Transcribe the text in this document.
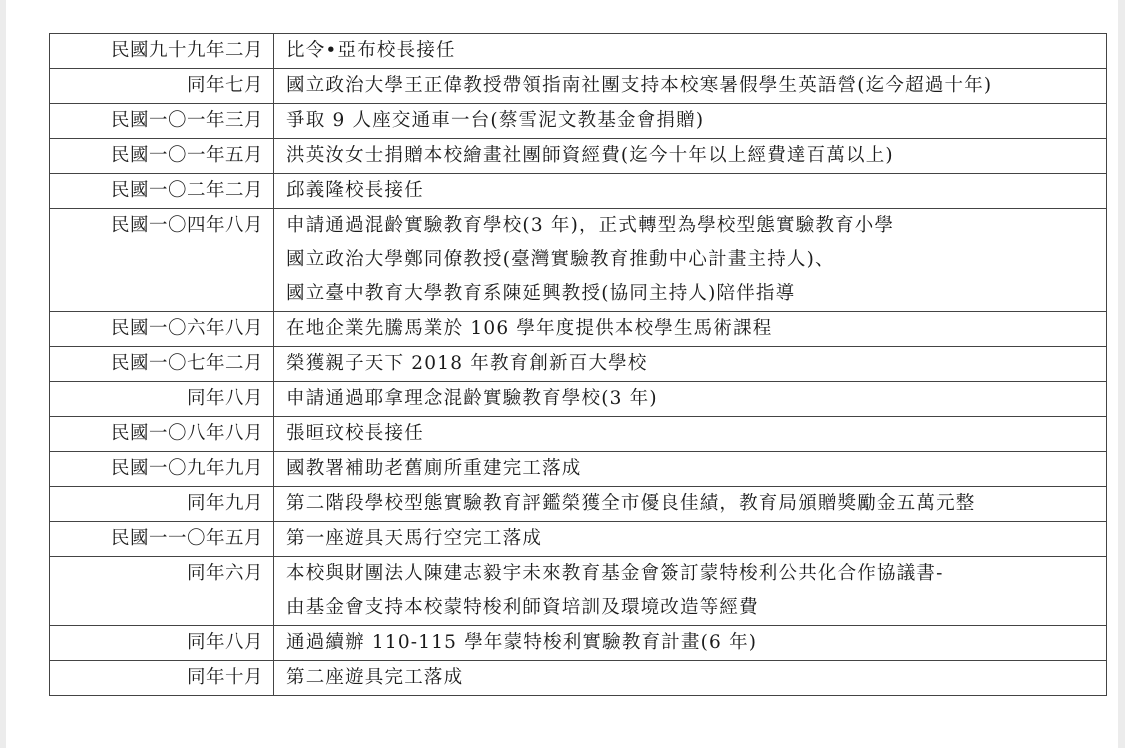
民國九十九年二月	比令•亞布校長接任

同年七月	國立政治大學王正偉教授帶領指南社團支持本校寒暑假學生英語營(迄今超過十年)

民國一〇一年三月	爭取 9 人座交通車一台(蔡雪泥文教基金會捐贈)

民國一〇一年五月	洪英汝女士捐贈本校繪畫社團師資經費(迄今十年以上經費達百萬以上)

民國一〇二年二月	邱義隆校長接任

民國一〇四年八月	申請通過混齡實驗教育學校(3 年)，正式轉型為學校型態實驗教育小學
國立政治大學鄭同僚教授(臺灣實驗教育推動中心計畫主持人)、
國立臺中教育大學教育系陳延興教授(協同主持人)陪伴指導

民國一〇六年八月	在地企業先騰馬業於 106 學年度提供本校學生馬術課程

民國一〇七年二月	榮獲親子天下 2018 年教育創新百大學校

同年八月	申請通過耶拿理念混齡實驗教育學校(3 年)

民國一〇八年八月	張晅玟校長接任

民國一〇九年九月	國教署補助老舊廁所重建完工落成

同年九月	第二階段學校型態實驗教育評鑑榮獲全市優良佳績，教育局頒贈獎勵金五萬元整

民國一一〇年五月	第一座遊具天馬行空完工落成

同年六月	本校與財團法人陳建志毅宇未來教育基金會簽訂蒙特梭利公共化合作協議書-
由基金會支持本校蒙特梭利師資培訓及環境改造等經費

同年八月	通過續辦 110-115 學年蒙特梭利實驗教育計畫(6 年)

同年十月	第二座遊具完工落成
